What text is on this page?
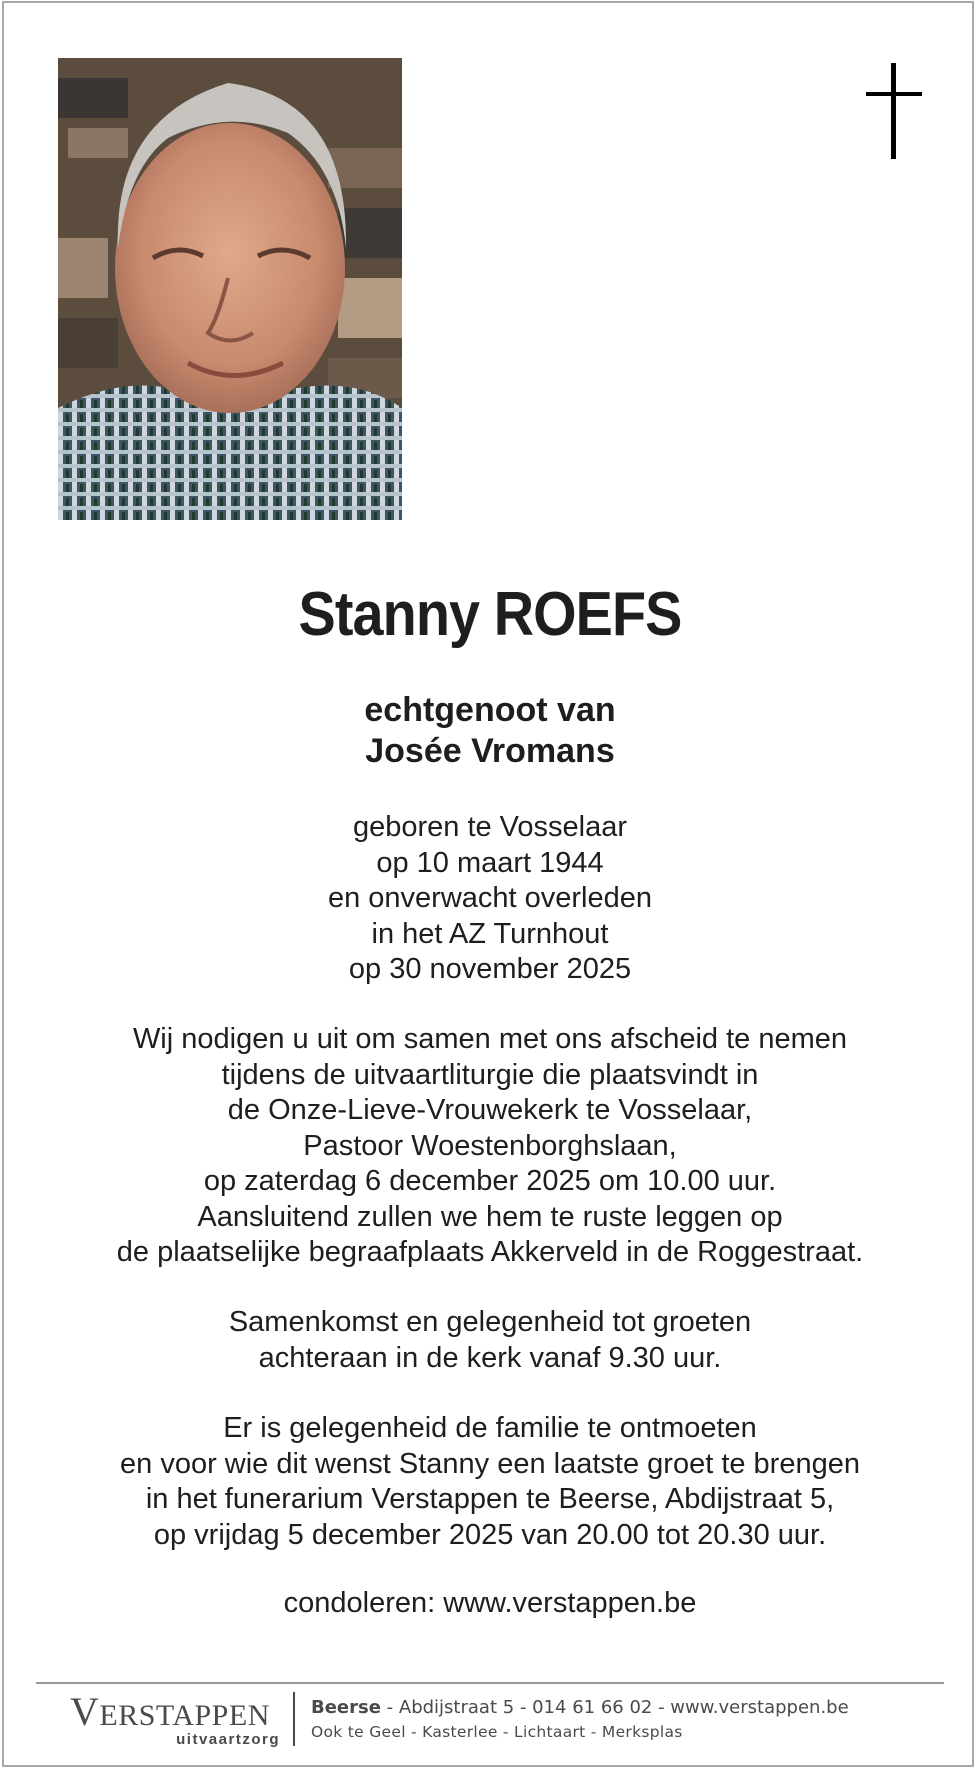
Stanny ROEFS
echtgenoot van
Josée Vromans
geboren te Vosselaar
op 10 maart 1944
en onverwacht overleden
in het AZ Turnhout
op 30 november 2025
Wij nodigen u uit om samen met ons afscheid te nemen
tijdens de uitvaartliturgie die plaatsvindt in
de Onze-Lieve-Vrouwekerk te Vosselaar,
Pastoor Woestenborghslaan,
op zaterdag 6 december 2025 om 10.00 uur.
Aansluitend zullen we hem te ruste leggen op
de plaatselijke begraafplaats Akkerveld in de Roggestraat.
Samenkomst en gelegenheid tot groeten
achteraan in de kerk vanaf 9.30 uur.
Er is gelegenheid de familie te ontmoeten
en voor wie dit wenst Stanny een laatste groet te brengen
in het funerarium Verstappen te Beerse, Abdijstraat 5,
op vrijdag 5 december 2025 van 20.00 tot 20.30 uur.
condoleren: www.verstappen.be
VERSTAPPEN
uitvaartzorg
Beerse - Abdijstraat 5 - 014 61 66 02 - www.verstappen.be
Ook te Geel - Kasterlee - Lichtaart - Merksplas
